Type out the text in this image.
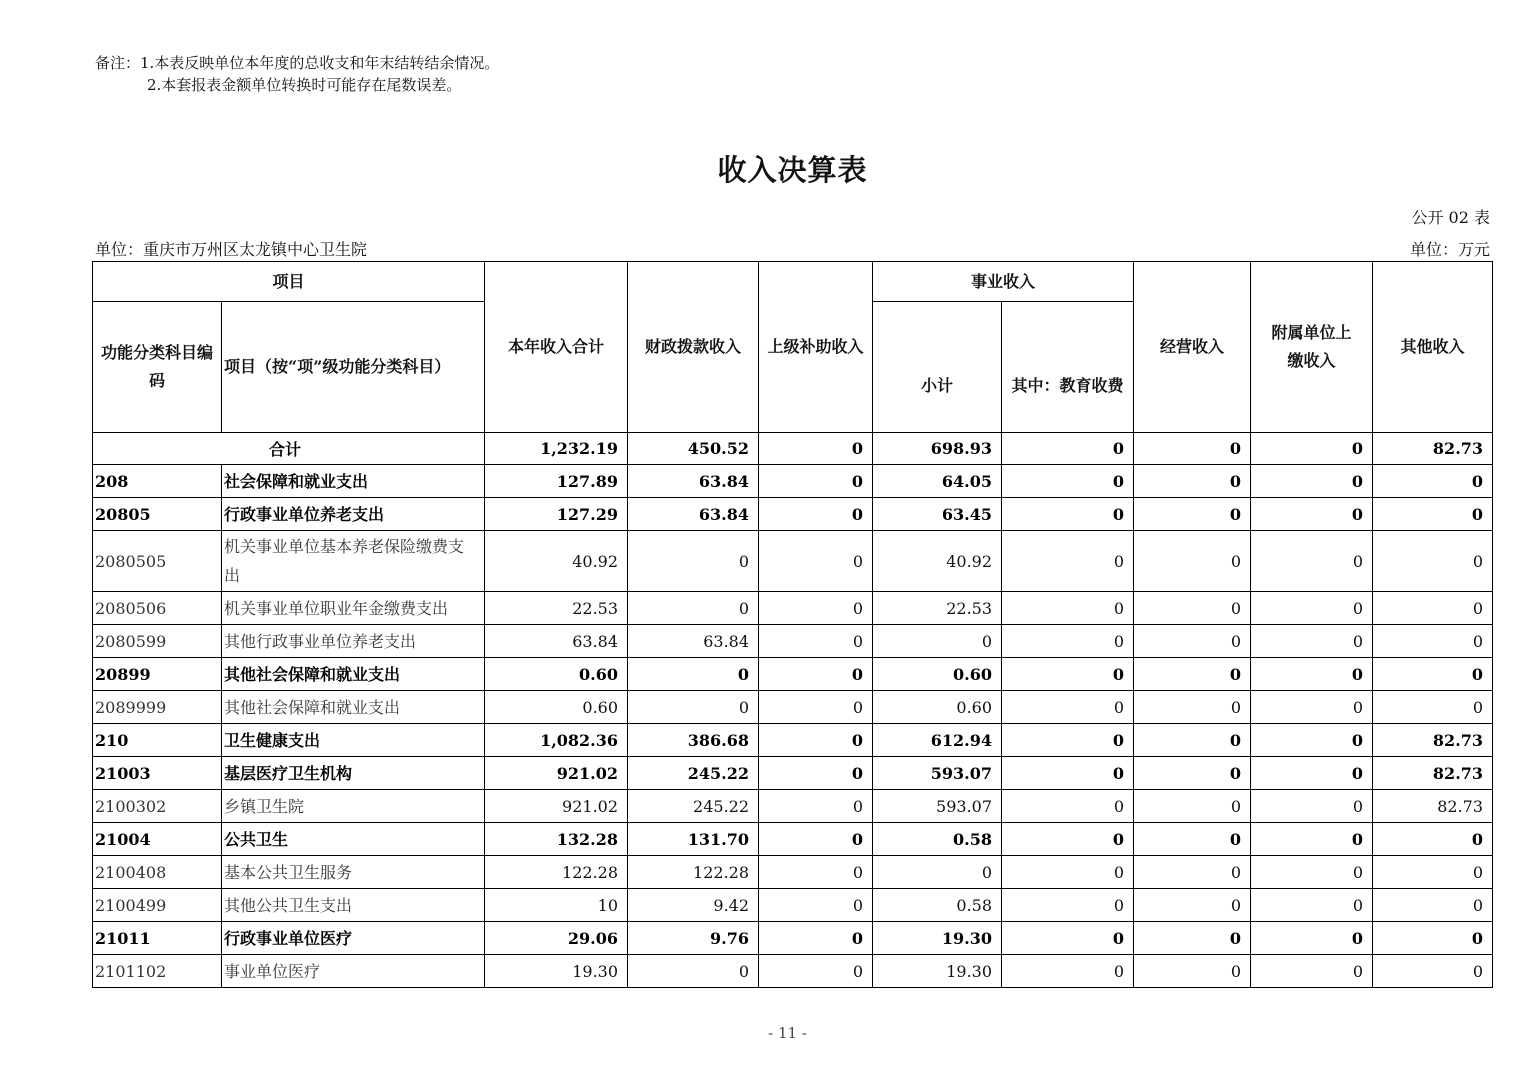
备注：1.本表反映单位本年度的总收支和年末结转结余情况。
2.本套报表金额单位转换时可能存在尾数误差。
收入决算表
公开 02 表
单位：重庆市万州区太龙镇中心卫生院	单位：万元
项目		本年收入合计	财政拨款收入	上级补助收入	事业收入		经营收入	附属单位上缴收入	其他收入
功能分类科目编码	项目（按“项”级功能分类科目）				小计	其中：教育收费			
合计		1,232.19	450.52	0	698.93	0	0	0	82.73
208	社会保障和就业支出	127.89	63.84	0	64.05	0	0	0	0
20805	行政事业单位养老支出	127.29	63.84	0	63.45	0	0	0	0
2080505	机关事业单位基本养老保险缴费支出	40.92	0	0	40.92	0	0	0	0
2080506	机关事业单位职业年金缴费支出	22.53	0	0	22.53	0	0	0	0
2080599	其他行政事业单位养老支出	63.84	63.84	0	0	0	0	0	0
20899	其他社会保障和就业支出	0.60	0	0	0.60	0	0	0	0
2089999	其他社会保障和就业支出	0.60	0	0	0.60	0	0	0	0
210	卫生健康支出	1,082.36	386.68	0	612.94	0	0	0	82.73
21003	基层医疗卫生机构	921.02	245.22	0	593.07	0	0	0	82.73
2100302	乡镇卫生院	921.02	245.22	0	593.07	0	0	0	82.73
21004	公共卫生	132.28	131.70	0	0.58	0	0	0	0
2100408	基本公共卫生服务	122.28	122.28	0	0	0	0	0	0
2100499	其他公共卫生支出	10	9.42	0	0.58	0	0	0	0
21011	行政事业单位医疗	29.06	9.76	0	19.30	0	0	0	0
2101102	事业单位医疗	19.30	0	0	19.30	0	0	0	0
- 11 -
